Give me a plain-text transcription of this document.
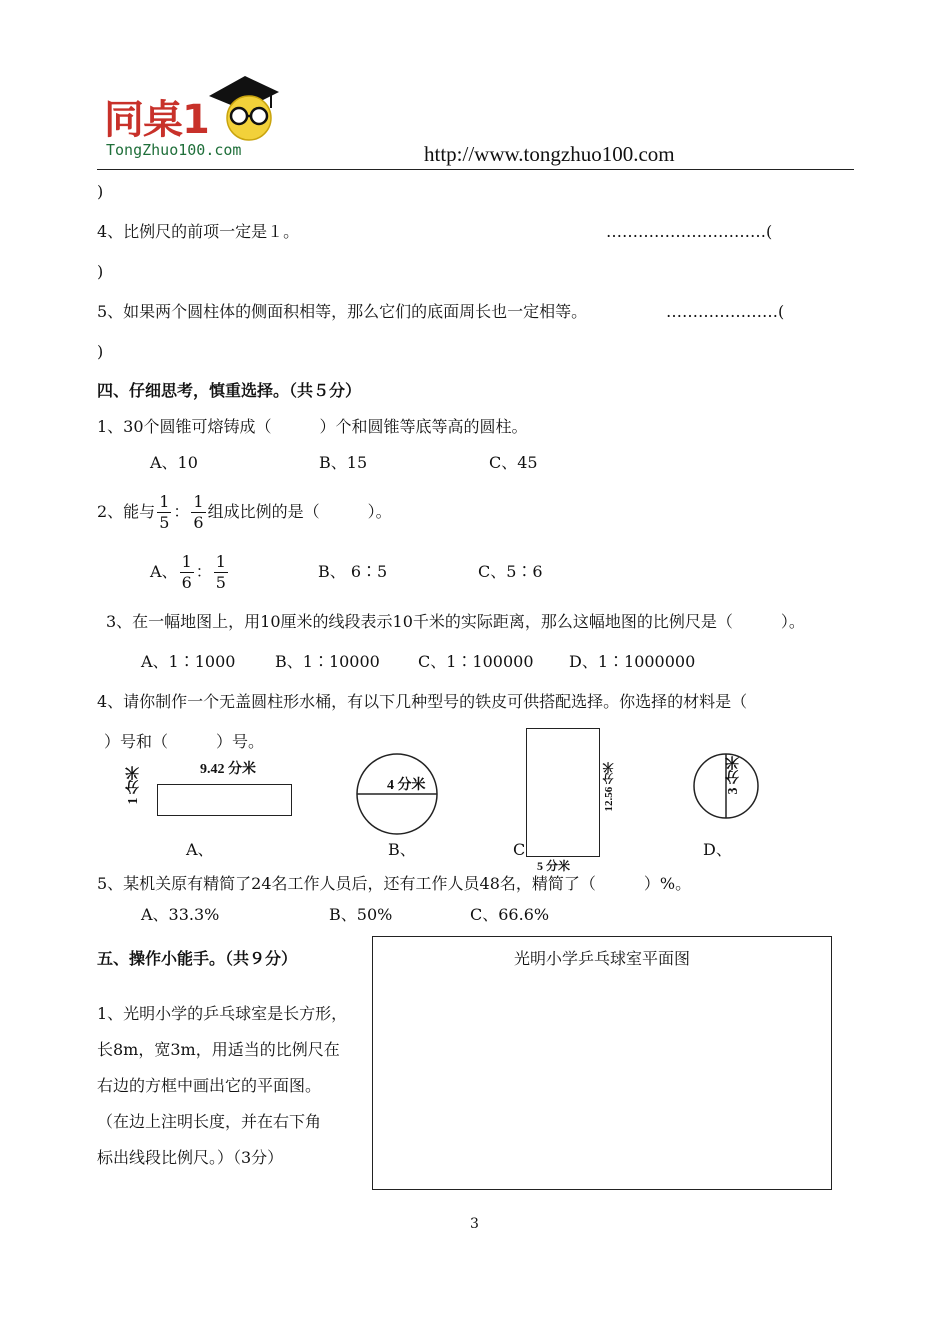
同桌1
TongZhuo100.com	http://www.tongzhuo100.com
)
4、比例尺的前项一定是１。	…………………………(
)
5、如果两个圆柱体的侧面积相等，那么它们的底面周长也一定相等。	…………………(
)
四、仔细思考，慎重选择。（共５分）
1、30个圆锥可熔铸成（　　　）个和圆锥等底等高的圆柱。
A、10	B、15	C、45
2、能与 $\frac{1}{5}$ ： $\frac{1}{6}$ 组成比例的是（　　　）。
A、 $\frac{1}{6}$ ： $\frac{1}{5}$	B、 6∶5	C、5∶6
3、在一幅地图上，用10厘米的线段表示10千米的实际距离，那么这幅地图的比例尺是（　　　）。
A、1∶1000 B、1∶10000 C、1∶100000 D、1∶1000000
4、请你制作一个无盖圆柱形水桶，有以下几种型号的铁皮可供搭配选择。你选择的材料是（
）号和（　　　）号。
9.42 分米
1 分米
A、
4 分米
B、
12.56 分米
5 分米
C
3 分米
D、
5、某机关原有精简了24名工作人员后，还有工作人员48名，精简了（　　　）%。
A、33.3%	B、50%	C、66.6%
五、操作小能手。（共９分）
1、光明小学的乒乓球室是长方形，
长8m，宽3m，用适当的比例尺在
右边的方框中画出它的平面图。
（在边上注明长度，并在右下角
标出线段比例尺。）（3分）
光明小学乒乓球室平面图
3
